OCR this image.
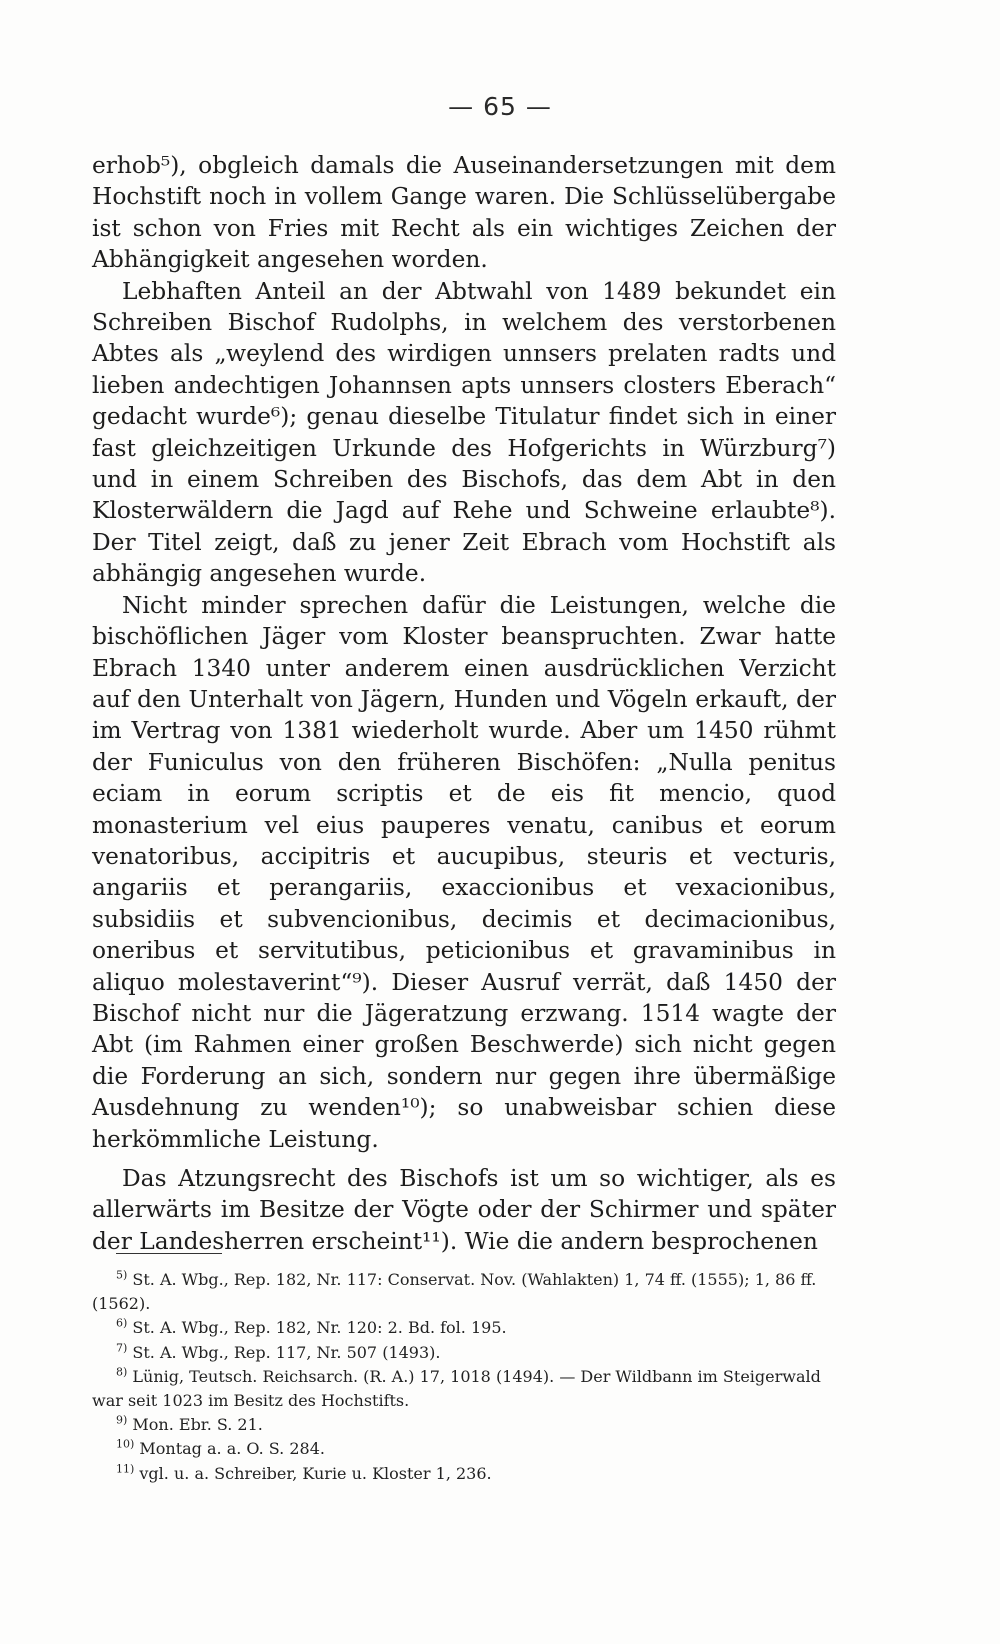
— 65 —

erhob⁵), obgleich damals die Auseinandersetzungen mit dem Hochstift noch in vollem Gange waren. Die Schlüsselübergabe ist schon von Fries mit Recht als ein wichtiges Zeichen der Abhängigkeit angesehen worden.

Lebhaften Anteil an der Abtwahl von 1489 bekundet ein Schreiben Bischof Rudolphs, in welchem des verstorbenen Abtes als „weylend des wirdigen unnsers prelaten radts und lieben andechtigen Johannsen apts unnsers closters Eberach“ gedacht wurde⁶); genau dieselbe Titulatur findet sich in einer fast gleichzeitigen Urkunde des Hofgerichts in Würzburg⁷) und in einem Schreiben des Bischofs, das dem Abt in den Klosterwäldern die Jagd auf Rehe und Schweine erlaubte⁸). Der Titel zeigt, daß zu jener Zeit Ebrach vom Hochstift als abhängig angesehen wurde.

Nicht minder sprechen dafür die Leistungen, welche die bischöflichen Jäger vom Kloster beanspruchten. Zwar hatte Ebrach 1340 unter anderem einen ausdrücklichen Verzicht auf den Unterhalt von Jägern, Hunden und Vögeln erkauft, der im Vertrag von 1381 wiederholt wurde. Aber um 1450 rühmt der Funiculus von den früheren Bischöfen: „Nulla penitus eciam in eorum scriptis et de eis fit mencio, quod monasterium vel eius pauperes venatu, canibus et eorum venatoribus, accipitris et aucupibus, steuris et vecturis, angariis et perangariis, exaccionibus et vexacionibus, subsidiis et subvencionibus, decimis et decimacionibus, oneribus et servitutibus, peticionibus et gravaminibus in aliquo molestaverint“⁹). Dieser Ausruf verrät, daß 1450 der Bischof nicht nur die Jägeratzung erzwang. 1514 wagte der Abt (im Rahmen einer großen Beschwerde) sich nicht gegen die Forderung an sich, sondern nur gegen ihre übermäßige Ausdehnung zu wenden¹⁰); so unabweisbar schien diese herkömmliche Leistung.

Das Atzungsrecht des Bischofs ist um so wichtiger, als es allerwärts im Besitze der Vögte oder der Schirmer und später der Landesherren erscheint¹¹). Wie die andern besprochenen

$^{5)}$ St. A. Wbg., Rep. 182, Nr. 117: Conservat. Nov. (Wahlakten) 1, 74 ff. (1555); 1, 86 ff. (1562).

$^{6)}$ St. A. Wbg., Rep. 182, Nr. 120: 2. Bd. fol. 195.

$^{7)}$ St. A. Wbg., Rep. 117, Nr. 507 (1493).

$^{8)}$ Lünig, Teutsch. Reichsarch. (R. A.) 17, 1018 (1494). — Der Wildbann im Steigerwald war seit 1023 im Besitz des Hochstifts.

$^{9)}$ Mon. Ebr. S. 21.

$^{10)}$ Montag a. a. O. S. 284.

$^{11)}$ vgl. u. a. Schreiber, Kurie u. Kloster 1, 236.
